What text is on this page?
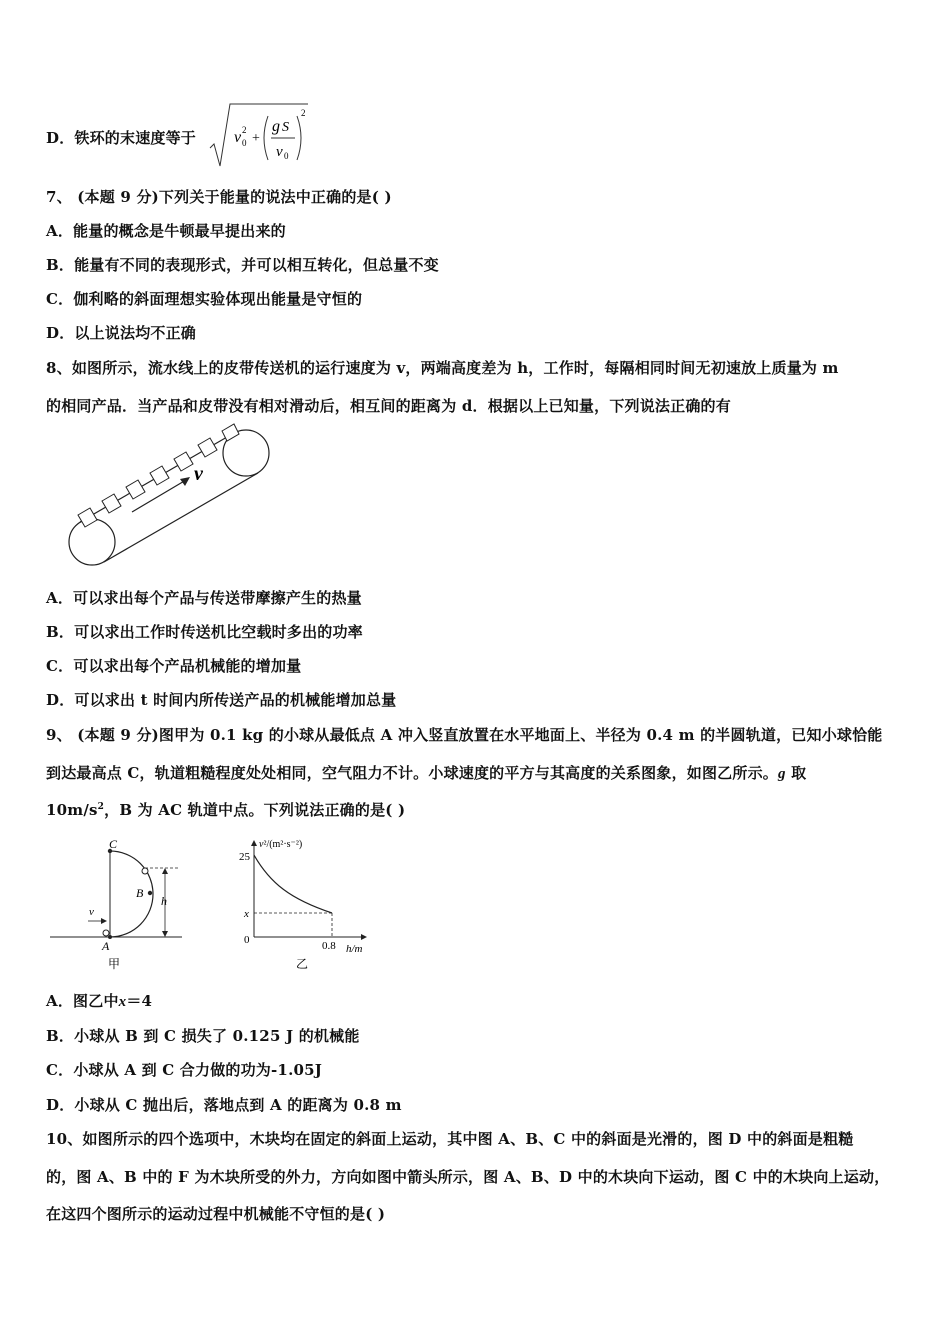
D．铁环的末速度等于 v 2
0 +
g S
v 0
2
7、 (本题 9 分)下列关于能量的说法中正确的是( )
A．能量的概念是牛顿最早提出来的
B．能量有不同的表现形式，并可以相互转化，但总量不变
C．伽利略的斜面理想实验体现出能量是守恒的
D．以上说法均不正确
8、如图所示，流水线上的皮带传送机的运行速度为 v，两端高度差为 h，工作时，每隔相同时间无初速放上质量为 m
的相同产品．当产品和皮带没有相对滑动后，相互间的距离为 d．根据以上已知量，下列说法正确的有
v
A．可以求出每个产品与传送带摩擦产生的热量
B．可以求出工作时传送机比空载时多出的功率
C．可以求出每个产品机械能的增加量
D．可以求出 t 时间内所传送产品的机械能增加总量
9、 (本题 9 分)图甲为 0.1 kg 的小球从最低点 A 冲入竖直放置在水平地面上、半径为 0.4 m 的半圆轨道，已知小球恰能
到达最高点 C，轨道粗糙程度处处相同，空气阻力不计。小球速度的平方与其高度的关系图象，如图乙所示。g 取
$10m/s^2$，B 为 AC 轨道中点。下列说法正确的是( )
C
B
A
h
v
甲
v²/(m²·s⁻²)
25
x
0	0.8 h/m
乙
A．图乙中x＝4
B．小球从 B 到 C 损失了 0.125 J 的机械能
C．小球从 A 到 C 合力做的功为-1.05J
D．小球从 C 抛出后，落地点到 A 的距离为 0.8 m
10、如图所示的四个选项中，木块均在固定的斜面上运动，其中图 A、B、C 中的斜面是光滑的，图 D 中的斜面是粗糙
的，图 A、B 中的 F 为木块所受的外力，方向如图中箭头所示，图 A、B、D 中的木块向下运动，图 C 中的木块向上运动，
在这四个图所示的运动过程中机械能不守恒的是( )
